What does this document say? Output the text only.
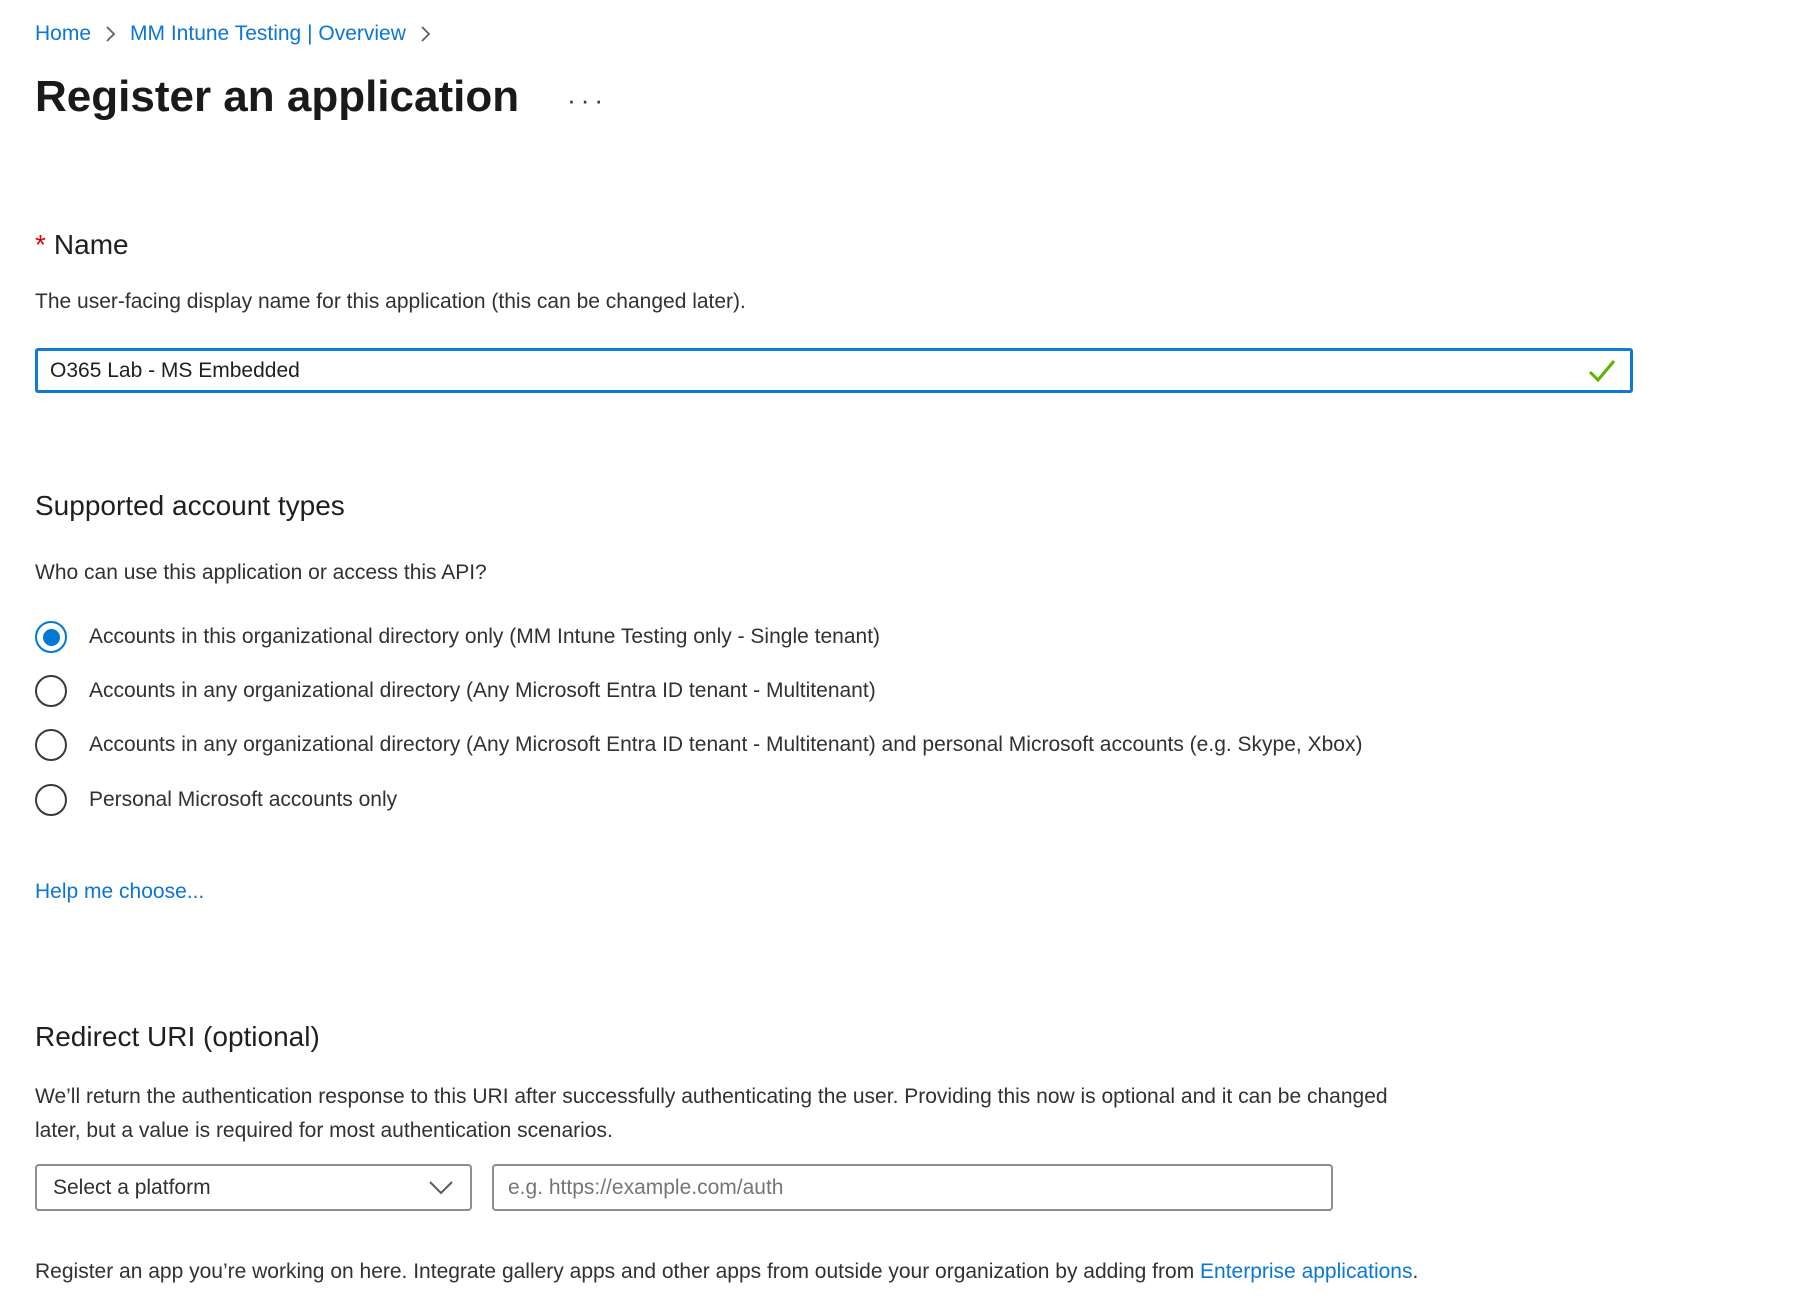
Home MM Intune Testing | Overview
Register an application ···
* Name
The user-facing display name for this application (this can be changed later).
O365 Lab - MS Embedded
Supported account types
Who can use this application or access this API?
Accounts in this organizational directory only (MM Intune Testing only - Single tenant)
Accounts in any organizational directory (Any Microsoft Entra ID tenant - Multitenant)
Accounts in any organizational directory (Any Microsoft Entra ID tenant - Multitenant) and personal Microsoft accounts (e.g. Skype, Xbox)
Personal Microsoft accounts only
Help me choose...
Redirect URI (optional)
We’ll return the authentication response to this URI after successfully authenticating the user. Providing this now is optional and it can be changed later, but a value is required for most authentication scenarios.
Select a platform
e.g. https://example.com/auth
Register an app you’re working on here. Integrate gallery apps and other apps from outside your organization by adding from Enterprise applications.
